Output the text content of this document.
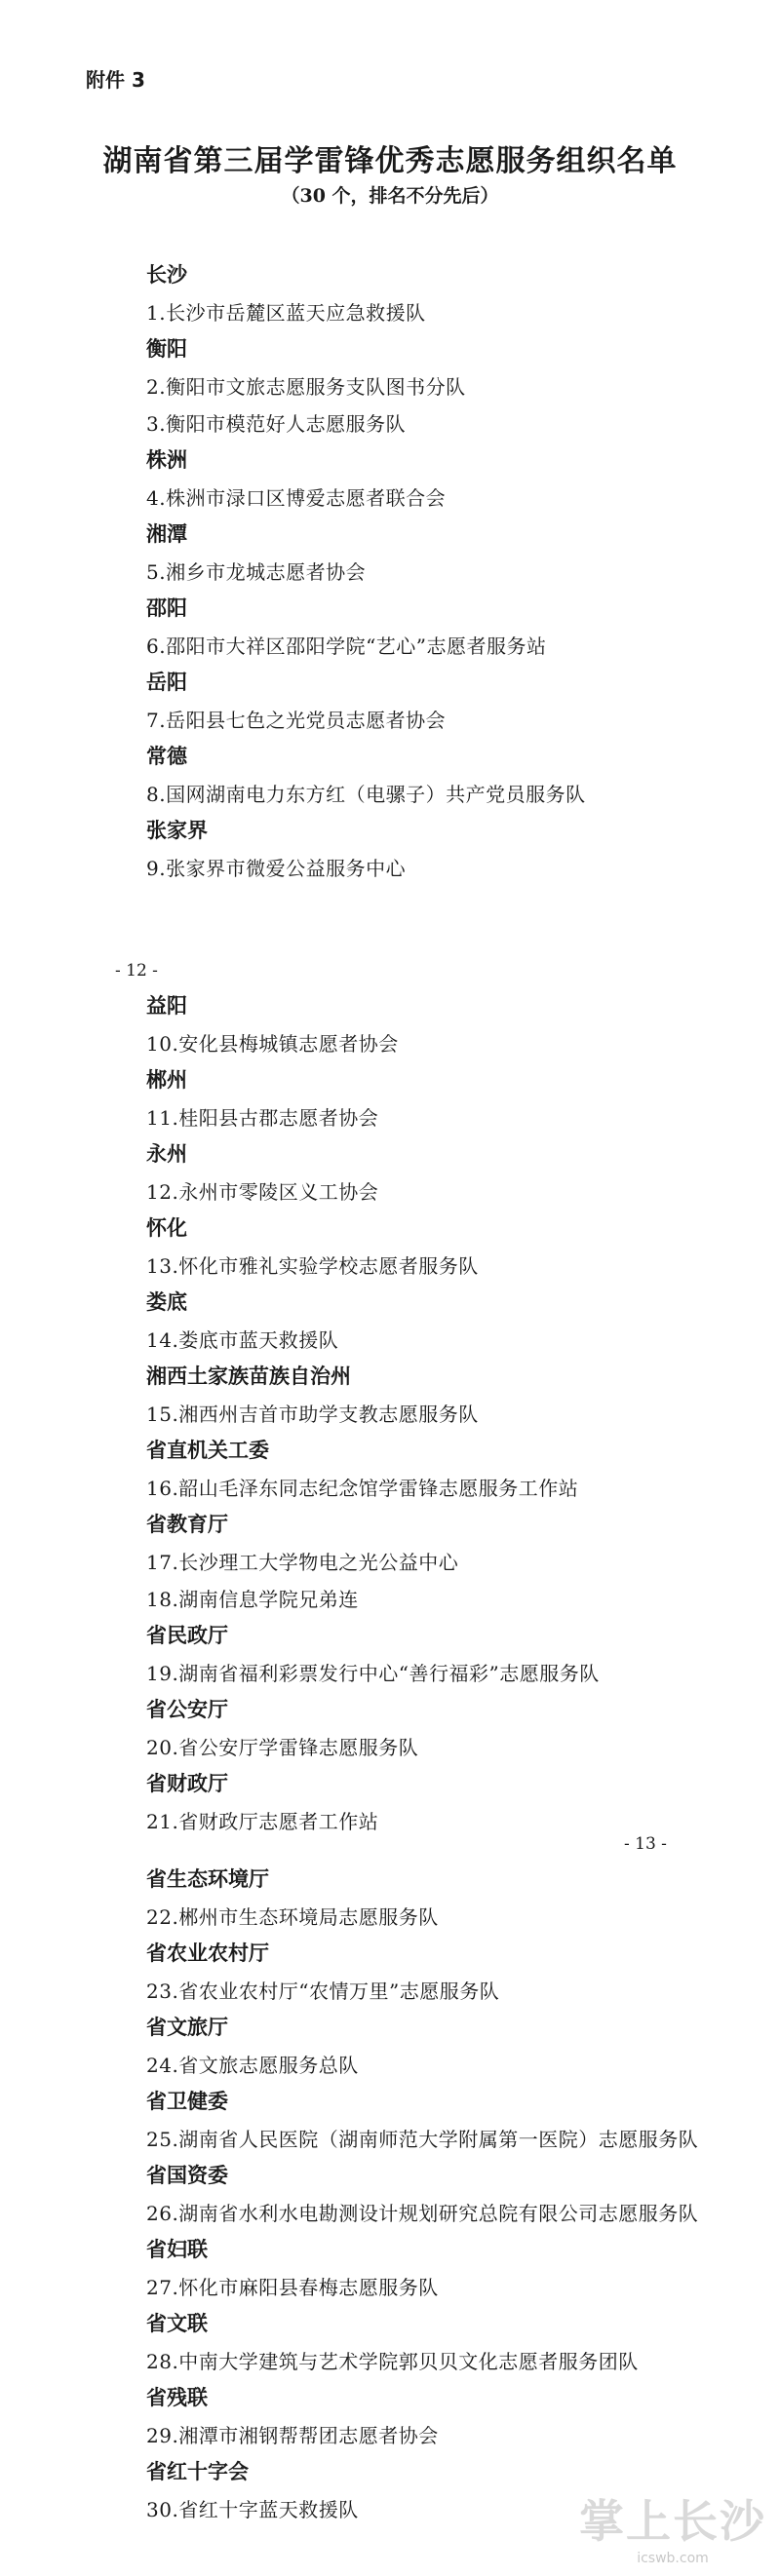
附件 3
湖南省第三届学雷锋优秀志愿服务组织名单
（30 个，排名不分先后）
长沙
1.长沙市岳麓区蓝天应急救援队
衡阳
2.衡阳市文旅志愿服务支队图书分队
3.衡阳市模范好人志愿服务队
株洲
4.株洲市渌口区博爱志愿者联合会
湘潭
5.湘乡市龙城志愿者协会
邵阳
6.邵阳市大祥区邵阳学院“艺心”志愿者服务站
岳阳
7.岳阳县七色之光党员志愿者协会
常德
8.国网湖南电力东方红（电骡子）共产党员服务队
张家界
9.张家界市微爱公益服务中心
- 12 -
益阳
10.安化县梅城镇志愿者协会
郴州
11.桂阳县古郡志愿者协会
永州
12.永州市零陵区义工协会
怀化
13.怀化市雅礼实验学校志愿者服务队
娄底
14.娄底市蓝天救援队
湘西土家族苗族自治州
15.湘西州吉首市助学支教志愿服务队
省直机关工委
16.韶山毛泽东同志纪念馆学雷锋志愿服务工作站
省教育厅
17.长沙理工大学物电之光公益中心
18.湖南信息学院兄弟连
省民政厅
19.湖南省福利彩票发行中心“善行福彩”志愿服务队
省公安厅
20.省公安厅学雷锋志愿服务队
省财政厅
21.省财政厅志愿者工作站
- 13 -
省生态环境厅
22.郴州市生态环境局志愿服务队
省农业农村厅
23.省农业农村厅“农情万里”志愿服务队
省文旅厅
24.省文旅志愿服务总队
省卫健委
25.湖南省人民医院（湖南师范大学附属第一医院）志愿服务队
省国资委
26.湖南省水利水电勘测设计规划研究总院有限公司志愿服务队
省妇联
27.怀化市麻阳县春梅志愿服务队
省文联
28.中南大学建筑与艺术学院郭贝贝文化志愿者服务团队
省残联
29.湘潭市湘钢帮帮团志愿者协会
省红十字会
30.省红十字蓝天救援队	掌上长沙
icswb.com
